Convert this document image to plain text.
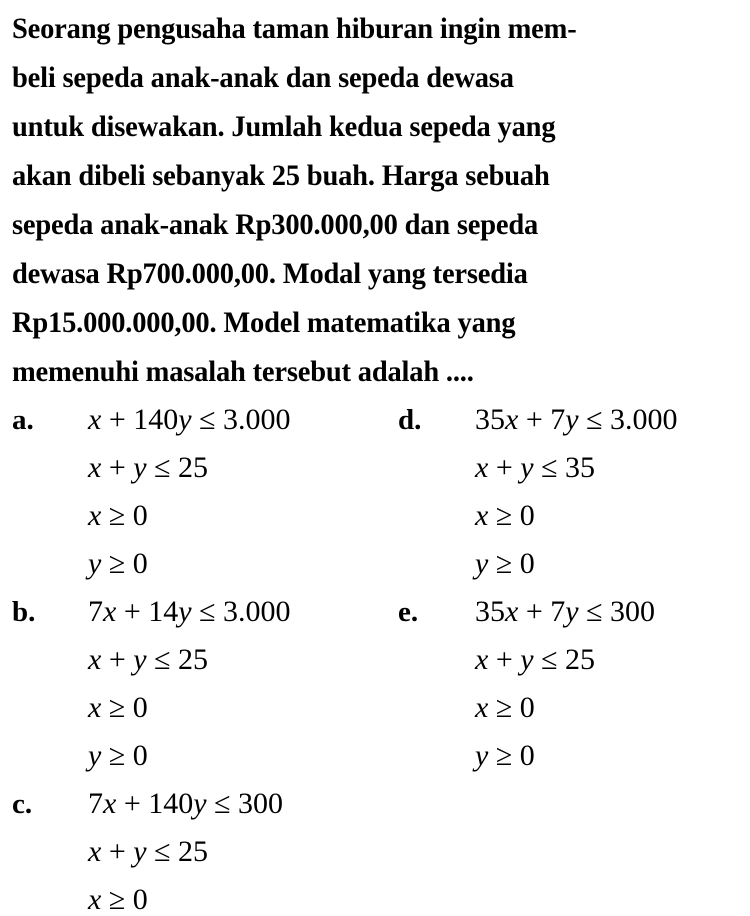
Seorang pengusaha taman hiburan ingin mem-
beli sepeda anak-anak dan sepeda dewasa
untuk disewakan. Jumlah kedua sepeda yang
akan dibeli sebanyak 25 buah. Harga sebuah
sepeda anak-anak Rp300.000,00 dan sepeda
dewasa Rp700.000,00. Modal yang tersedia
Rp15.000.000,00. Model matematika yang
memenuhi masalah tersebut adalah ....
a. x + 140y ≤ 3.000
x + y ≤ 25
x ≥ 0
y ≥ 0
b. 7x + 14y ≤ 3.000
x + y ≤ 25
x ≥ 0
y ≥ 0
c. 7x + 140y ≤ 300
x + y ≤ 25
x ≥ 0
d. 35x + 7y ≤ 3.000
x + y ≤ 35
x ≥ 0
y ≥ 0
e. 35x + 7y ≤ 300
x + y ≤ 25
x ≥ 0
y ≥ 0
